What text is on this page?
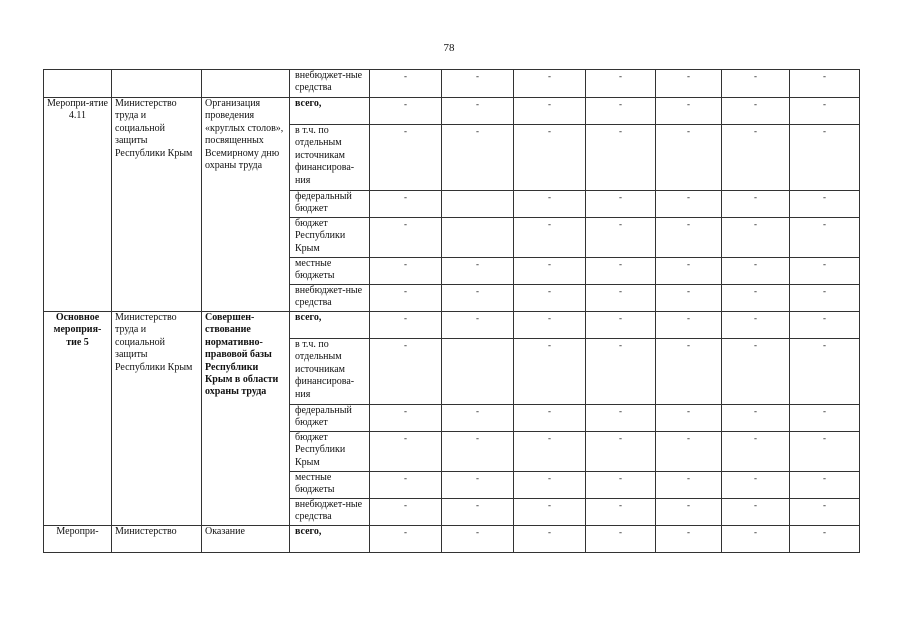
78
			внебюджет-ные средства	-	-	-	-	-	-	-
Меропри-ятие 4.11	Министерство труда и социальной защиты Республики Крым	Организация проведения «круглых столов», посвященных Всемирному дню охраны труда	всего,	-	-	-	-	-	-	-
			в т.ч. по отдельным источникам финансирова-ния	-	-	-	-	-	-	-
			федеральный бюджет	-		-	-	-	-	-
			бюджет Республики Крым	-		-	-	-	-	-
			местные бюджеты	-	-	-	-	-	-	-
			внебюджет-ные средства	-	-	-	-	-	-	-
Основное мероприя-тие 5	Министерство труда и социальной защиты Республики Крым	Совершен-ствование нормативно-правовой базы Республики Крым в области охраны труда	всего,	-	-	-	-	-	-	-
			в т.ч. по отдельным источникам финансирова-ния	-		-	-	-	-	-
			федеральный бюджет	-	-	-	-	-	-	-
			бюджет Республики Крым	-	-	-	-	-	-	-
			местные бюджеты	-	-	-	-	-	-	-
			внебюджет-ные средства	-	-	-	-	-	-	-
Меропри-	Министерство	Оказание	всего,	-	-	-	-	-	-	-
